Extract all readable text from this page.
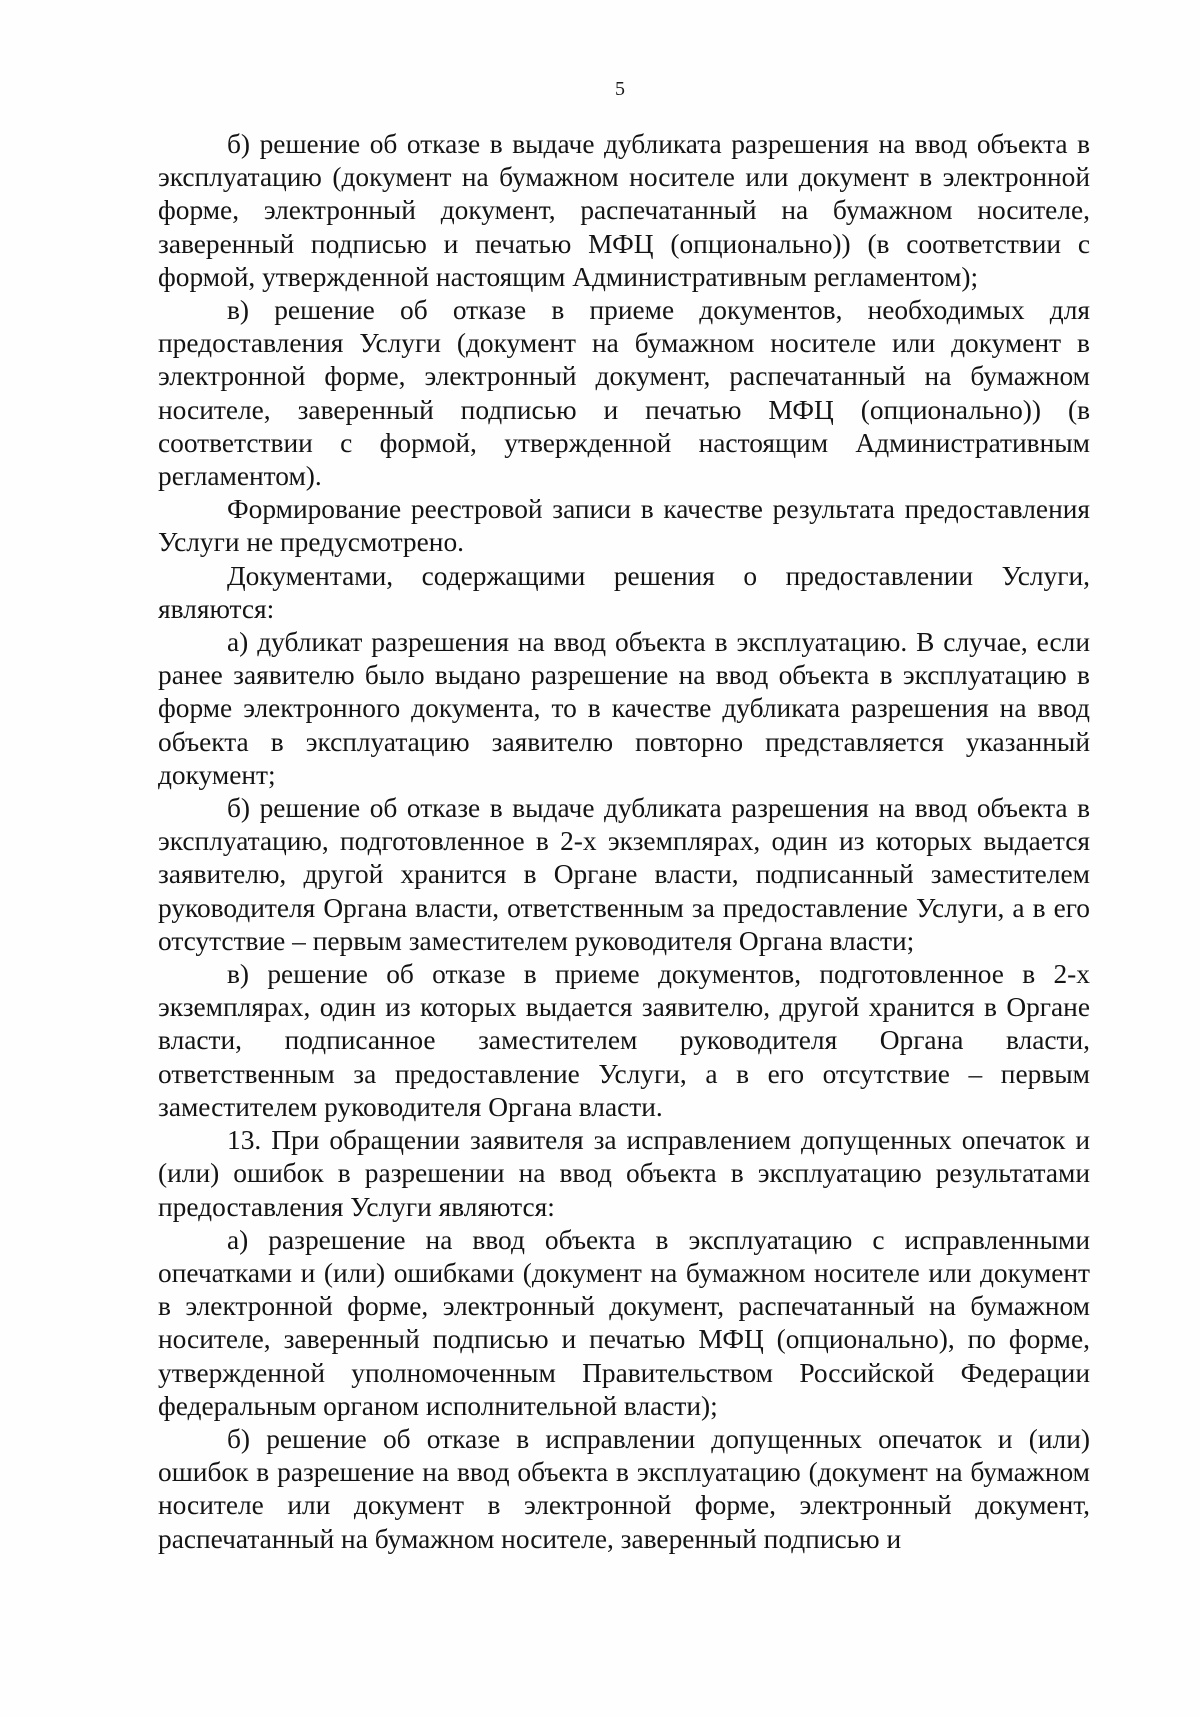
5

б) решение об отказе в выдаче дубликата разрешения на ввод объекта в эксплуатацию (документ на бумажном носителе или документ в электронной форме, электронный документ, распечатанный на бумажном носителе, заверенный подписью и печатью МФЦ (опционально)) (в соответствии с формой, утвержденной настоящим Административным регламентом);

в) решение об отказе в приеме документов, необходимых для предоставления Услуги (документ на бумажном носителе или документ в электронной форме, электронный документ, распечатанный на бумажном носителе, заверенный подписью и печатью МФЦ (опционально)) (в соответствии с формой, утвержденной настоящим Административным регламентом).

Формирование реестровой записи в качестве результата предоставления Услуги не предусмотрено.

Документами, содержащими решения о предоставлении Услуги, являются:

а) дубликат разрешения на ввод объекта в эксплуатацию. В случае, если ранее заявителю было выдано разрешение на ввод объекта в эксплуатацию в форме электронного документа, то в качестве дубликата разрешения на ввод объекта в эксплуатацию заявителю повторно представляется указанный документ;

б) решение об отказе в выдаче дубликата разрешения на ввод объекта в эксплуатацию, подготовленное в 2-х экземплярах, один из которых выдается заявителю, другой хранится в Органе власти, подписанный заместителем руководителя Органа власти, ответственным за предоставление Услуги, а в его отсутствие – первым заместителем руководителя Органа власти;

в) решение об отказе в приеме документов, подготовленное в 2-х экземплярах, один из которых выдается заявителю, другой хранится в Органе власти, подписанное заместителем руководителя Органа власти, ответственным за предоставление Услуги, а в его отсутствие – первым заместителем руководителя Органа власти.

13. При обращении заявителя за исправлением допущенных опечаток и (или) ошибок в разрешении на ввод объекта в эксплуатацию результатами предоставления Услуги являются:

а) разрешение на ввод объекта в эксплуатацию с исправленными опечатками и (или) ошибками (документ на бумажном носителе или документ в электронной форме, электронный документ, распечатанный на бумажном носителе, заверенный подписью и печатью МФЦ (опционально), по форме, утвержденной уполномоченным Правительством Российской Федерации федеральным органом исполнительной власти);

б) решение об отказе в исправлении допущенных опечаток и (или) ошибок в разрешение на ввод объекта в эксплуатацию (документ на бумажном носителе или документ в электронной форме, электронный документ, распечатанный на бумажном носителе, заверенный подписью и
